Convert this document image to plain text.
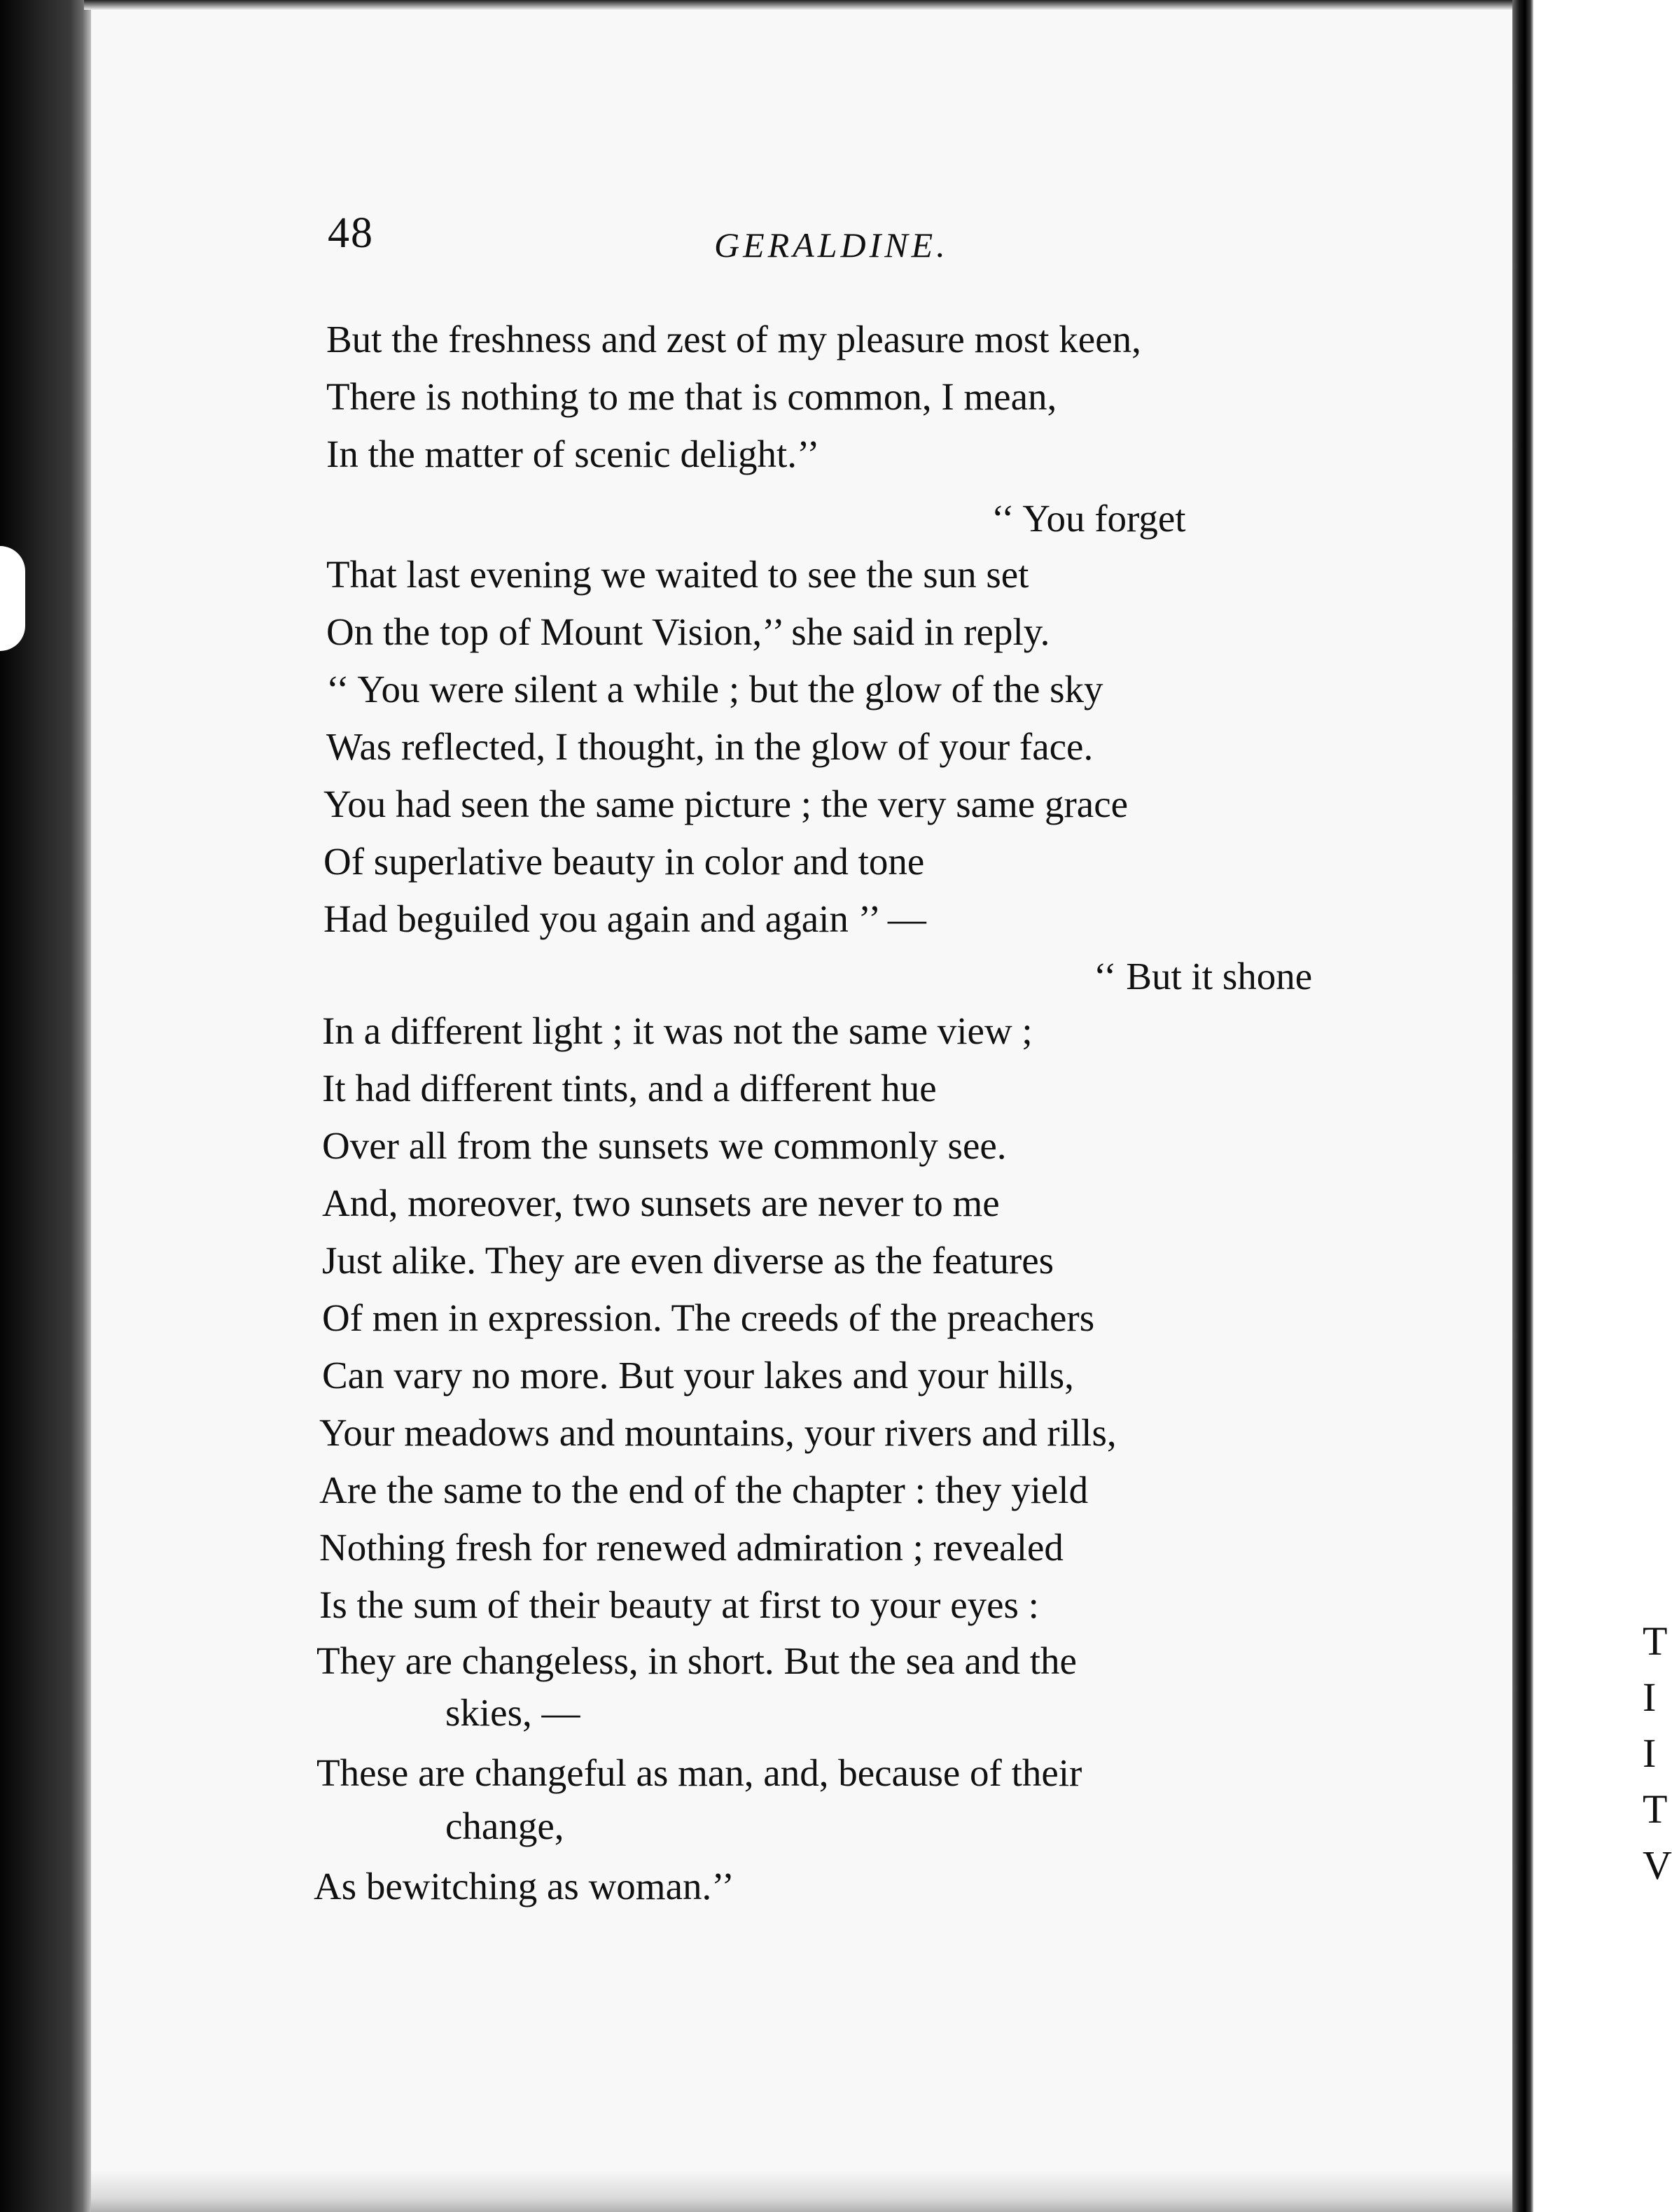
T
I
I
T
V
48	GERALDINE.
But the freshness and zest of my pleasure most keen,
There is nothing to me that is common, I mean,
In the matter of scenic delight.’’
‘‘ You forget
That last evening we waited to see the sun set
On the top of Mount Vision,’’ she said in reply.
‘‘ You were silent a while ; but the glow of the sky
Was reflected, I thought, in the glow of your face.
You had seen the same picture ; the very same grace
Of superlative beauty in color and tone
Had beguiled you again and again ’’ —
‘‘ But it shone
In a different light ; it was not the same view ;
It had different tints, and a different hue
Over all from the sunsets we commonly see.
And, moreover, two sunsets are never to me
Just alike. They are even diverse as the features
Of men in expression. The creeds of the preachers
Can vary no more. But your lakes and your hills,
Your meadows and mountains, your rivers and rills,
Are the same to the end of the chapter : they yield
Nothing fresh for renewed admiration ; revealed
Is the sum of their beauty at first to your eyes :
They are changeless, in short. But the sea and the
skies, —
These are changeful as man, and, because of their
change,
As bewitching as woman.’’
